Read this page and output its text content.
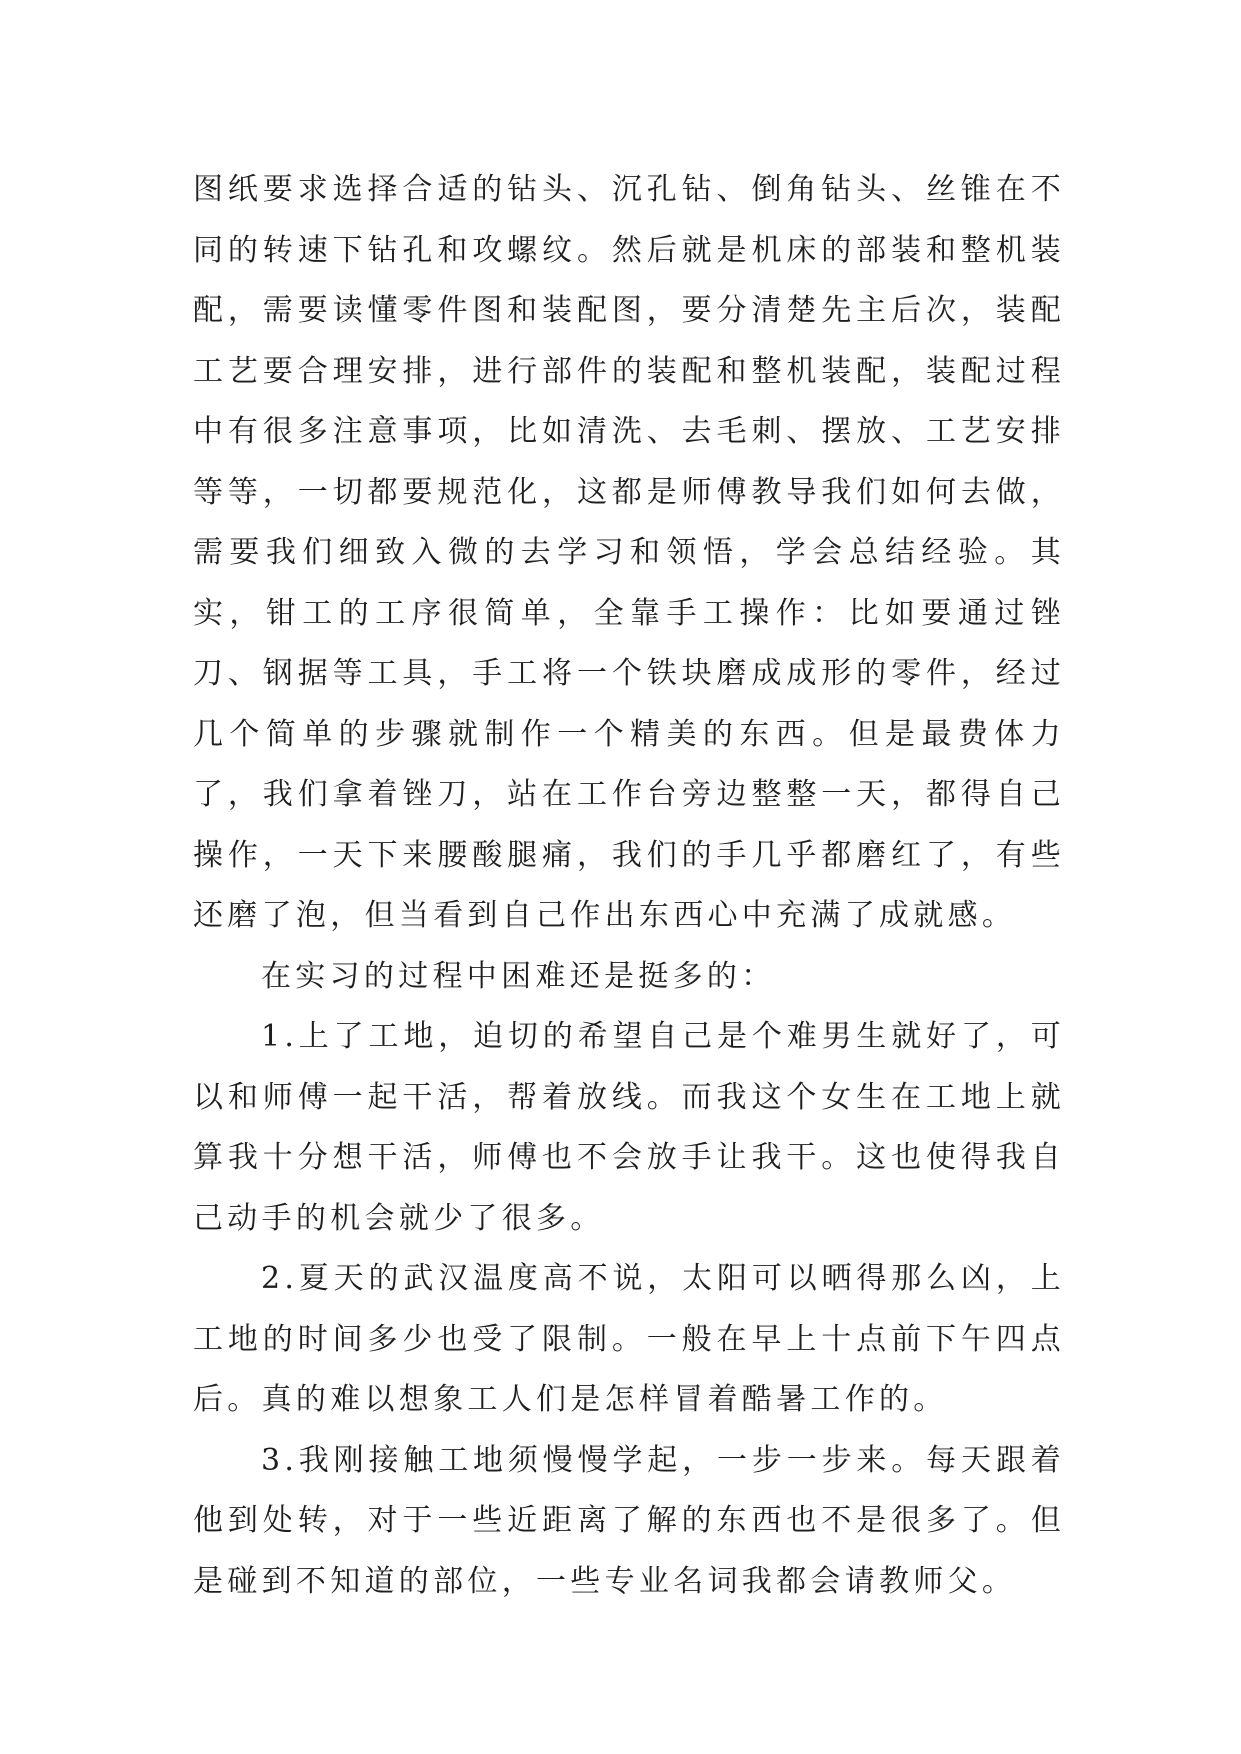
图纸要求选择合适的钻头、沉孔钻、倒角钻头、丝锥在不同的转速下钻孔和攻螺纹。然后就是机床的部装和整机装配，需要读懂零件图和装配图，要分清楚先主后次，装配工艺要合理安排，进行部件的装配和整机装配，装配过程中有很多注意事项，比如清洗、去毛刺、摆放、工艺安排等等，一切都要规范化，这都是师傅教导我们如何去做，需要我们细致入微的去学习和领悟，学会总结经验。其实，钳工的工序很简单，全靠手工操作：比如要通过锉刀、钢据等工具，手工将一个铁块磨成成形的零件，经过几个简单的步骤就制作一个精美的东西。但是最费体力了，我们拿着锉刀，站在工作台旁边整整一天，都得自己操作，一天下来腰酸腿痛，我们的手几乎都磨红了，有些还磨了泡，但当看到自己作出东西心中充满了成就感。

在实习的过程中困难还是挺多的：

1.上了工地，迫切的希望自己是个难男生就好了，可以和师傅一起干活，帮着放线。而我这个女生在工地上就算我十分想干活，师傅也不会放手让我干。这也使得我自己动手的机会就少了很多。

2.夏天的武汉温度高不说，太阳可以晒得那么凶，上工地的时间多少也受了限制。一般在早上十点前下午四点后。真的难以想象工人们是怎样冒着酷暑工作的。

3.我刚接触工地须慢慢学起，一步一步来。每天跟着他到处转，对于一些近距离了解的东西也不是很多了。但是碰到不知道的部位，一些专业名词我都会请教师父。
